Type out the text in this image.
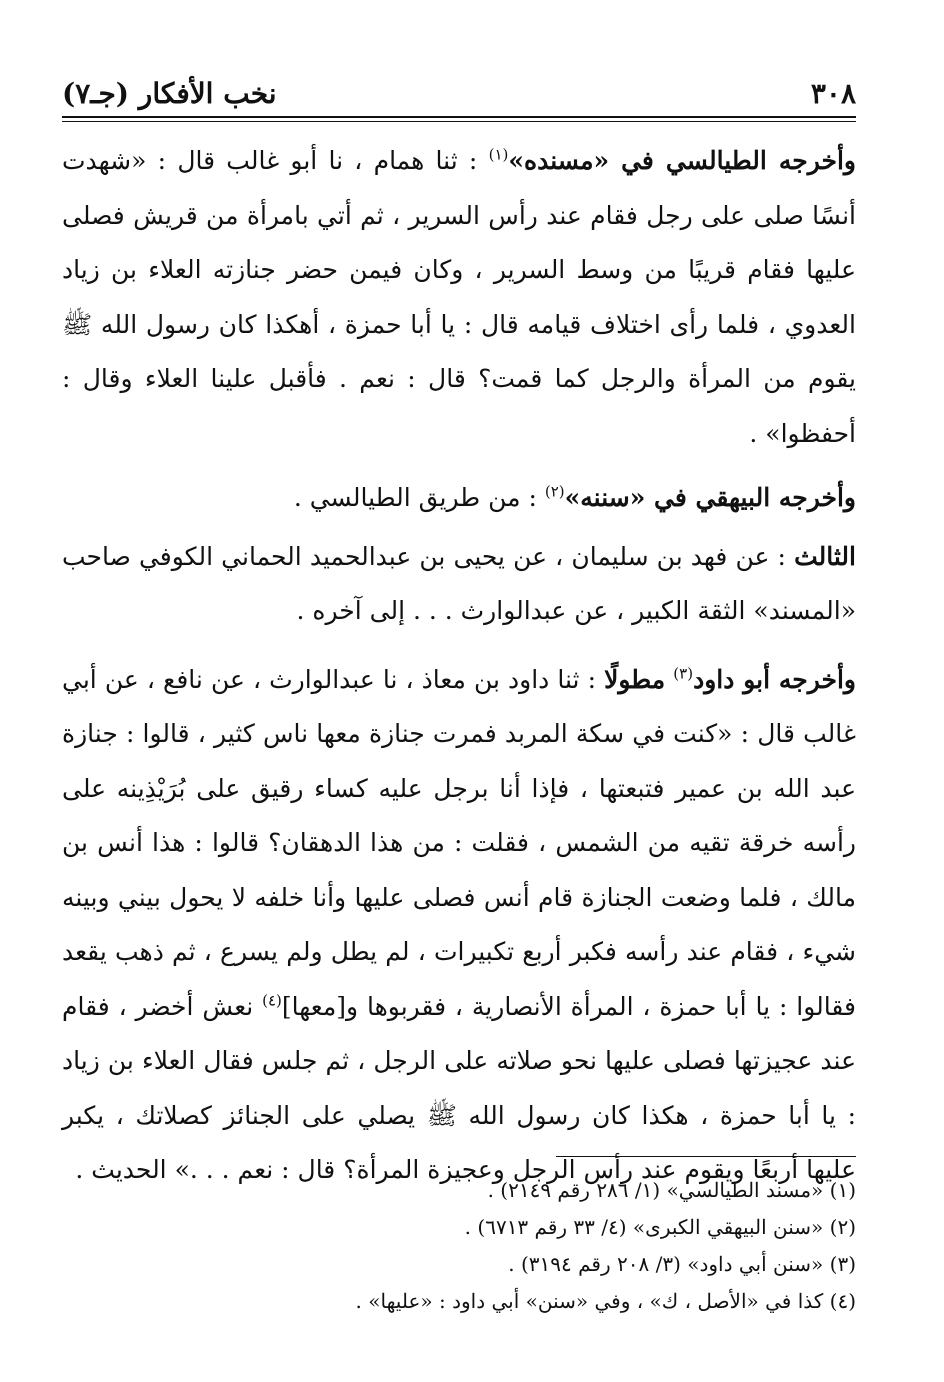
٣٠٨
نخب الأفكار (جـ٧)

وأخرجه الطيالسي في «مسنده»$^{(١)}$ : ثنا همام ، نا أبو غالب قال : «شهدت أنسًا صلى على رجل فقام عند رأس السرير ، ثم أتي بامرأة من قريش فصلى عليها فقام قريبًا من وسط السرير ، وكان فيمن حضر جنازته العلاء بن زياد العدوي ، فلما رأى اختلاف قيامه قال : يا أبا حمزة ، أهكذا كان رسول الله ﷺ يقوم من المرأة والرجل كما قمت؟ قال : نعم . فأقبل علينا العلاء وقال : أحفظوا» .

وأخرجه البيهقي في «سننه»$^{(٢)}$ : من طريق الطيالسي .

الثالث : عن فهد بن سليمان ، عن يحيى بن عبدالحميد الحماني الكوفي صاحب «المسند» الثقة الكبير ، عن عبدالوارث . . . إلى آخره .

وأخرجه أبو داود$^{(٣)}$ مطولًا : ثنا داود بن معاذ ، نا عبدالوارث ، عن نافع ، عن أبي غالب قال : «كنت في سكة المربد فمرت جنازة معها ناس كثير ، قالوا : جنازة عبد الله بن عمير فتبعتها ، فإذا أنا برجل عليه كساء رقيق على بُرَيْذِينه على رأسه خرقة تقيه من الشمس ، فقلت : من هذا الدهقان؟ قالوا : هذا أنس بن مالك ، فلما وضعت الجنازة قام أنس فصلى عليها وأنا خلفه لا يحول بيني وبينه شيء ، فقام عند رأسه فكبر أربع تكبيرات ، لم يطل ولم يسرع ، ثم ذهب يقعد فقالوا : يا أبا حمزة ، المرأة الأنصارية ، فقربوها و[معها]$^{(٤)}$ نعش أخضر ، فقام عند عجيزتها فصلى عليها نحو صلاته على الرجل ، ثم جلس فقال العلاء بن زياد : يا أبا حمزة ، هكذا كان رسول الله ﷺ يصلي على الجنائز كصلاتك ، يكبر عليها أربعًا ويقوم عند رأس الرجل وعجيزة المرأة؟ قال : نعم . . .» الحديث .

(١) «مسند الطيالسي» (١/ ٢٨٦ رقم ٢١٤٩) .
(٢) «سنن البيهقي الكبرى» (٤/ ٣٣ رقم ٦٧١٣) .
(٣) «سنن أبي داود» (٣/ ٢٠٨ رقم ٣١٩٤) .
(٤) كذا في «الأصل ، ك» ، وفي «سنن» أبي داود : «عليها» .
